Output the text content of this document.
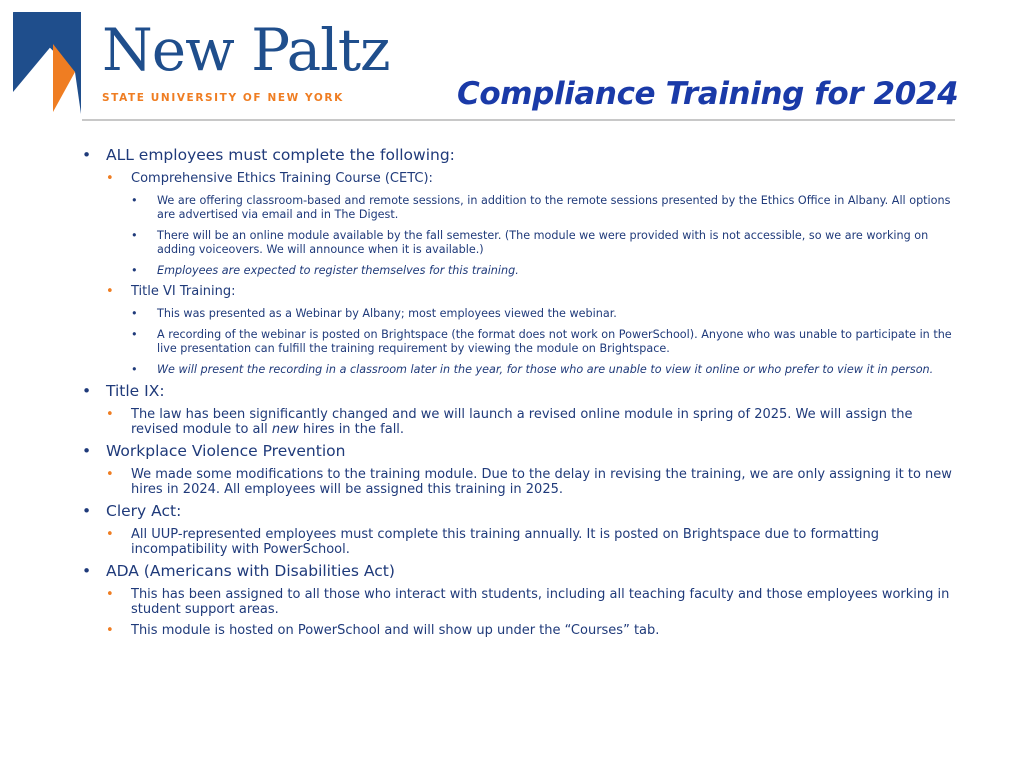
New Paltz
STATE UNIVERSITY OF NEW YORK	Compliance Training for 2024
• ALL employees must complete the following:
• Comprehensive Ethics Training Course (CETC):
• We are offering classroom-based and remote sessions, in addition to the remote sessions presented by the Ethics Office in Albany. All options are advertised via email and in The Digest.
• There will be an online module available by the fall semester. (The module we were provided with is not accessible, so we are working on adding voiceovers. We will announce when it is available.)
• Employees are expected to register themselves for this training.
• Title VI Training:
• This was presented as a Webinar by Albany; most employees viewed the webinar.
• A recording of the webinar is posted on Brightspace (the format does not work on PowerSchool). Anyone who was unable to participate in the live presentation can fulfill the training requirement by viewing the module on Brightspace.
• We will present the recording in a classroom later in the year, for those who are unable to view it online or who prefer to view it in person.
• Title IX:
• The law has been significantly changed and we will launch a revised online module in spring of 2025. We will assign the revised module to all new hires in the fall.
• Workplace Violence Prevention
• We made some modifications to the training module. Due to the delay in revising the training, we are only assigning it to new hires in 2024. All employees will be assigned this training in 2025.
• Clery Act:
• All UUP-represented employees must complete this training annually. It is posted on Brightspace due to formatting incompatibility with PowerSchool.
• ADA (Americans with Disabilities Act)
• This has been assigned to all those who interact with students, including all teaching faculty and those employees working in student support areas.
• This module is hosted on PowerSchool and will show up under the “Courses” tab.
